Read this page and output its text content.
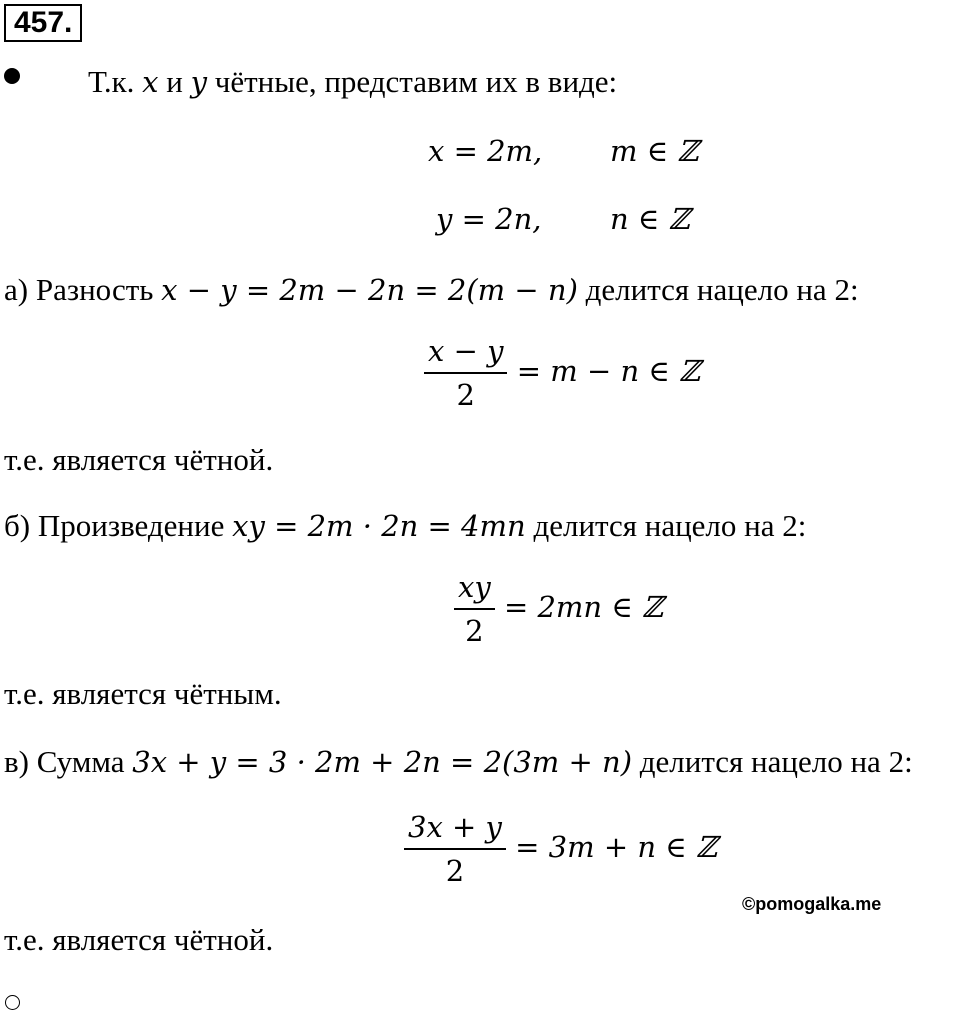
457.
Т.к. x и y чётные, представим их в виде:
x = 2m, m ∈ ℤ
y = 2n, n ∈ ℤ
а) Разность x − y = 2m − 2n = 2(m − n) делится нацело на 2:
$\frac{x - y}{2} = m - n$ ∈ ℤ
т.е. является чётной.
б) Произведение xy = 2m · 2n = 4mn делится нацело на 2:
$\frac{xy}{2} = 2mn$ ∈ ℤ
т.е. является чётным.
в) Сумма 3x + y = 3 · 2m + 2n = 2(3m + n) делится нацело на 2:
$\frac{3x + y}{2} = 3m + n$ ∈ ℤ
©pomogalka.me
т.е. является чётной.
